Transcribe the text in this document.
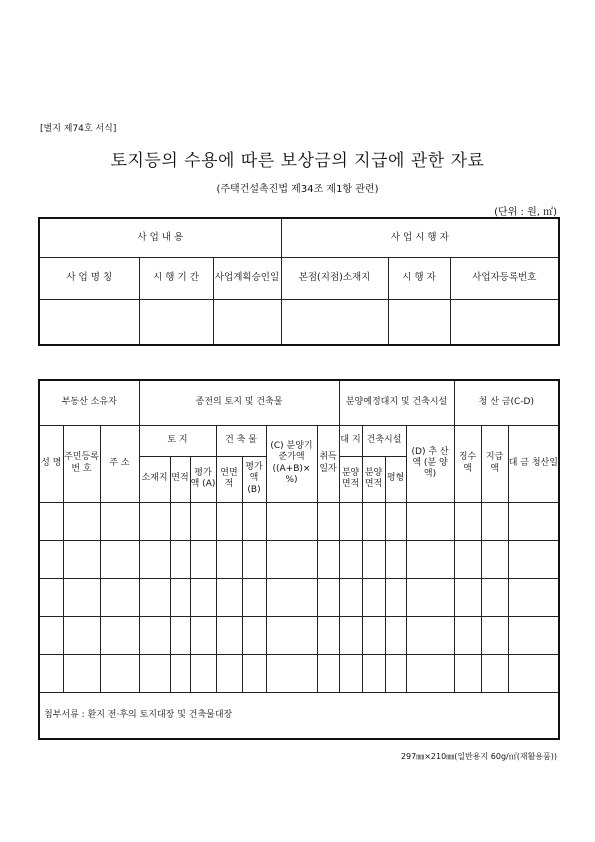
[별지 제74호 서식]
토지등의 수용에 따른 보상금의 지급에 관한 자료
(주택건설촉진법 제34조 제1항 관련)
(단위 : 원, ㎡)
사 업 내 용			사 업 시 행 자		
사 업 명 칭	시 행 기 간	사업계획승인일	본점(지점)소재지	시 행 자	사업자등록번호

부동산 소유자			종전의 토지 및 건축물							분양예정대지 및 건축시설				청 산 금(C-D)		
성 명	주민등록 번 호	주 소	토 지			건 축 물		(C) 분양기준가액 ((A+B)× %)	취득 일자	대 지	건축시설		(D) 추 산 액 (분 양 액)	징수액	지급액	대 금 청산일
			소재지	면적	평가액 (A)	연면적	평가액 (B)			분양 면적	분양 면적	평형				

첨부서류 : 환지 전·후의 토지대장 및 건축물대장																
297㎜×210㎜(일반용지 60g/㎡(재활용품))
